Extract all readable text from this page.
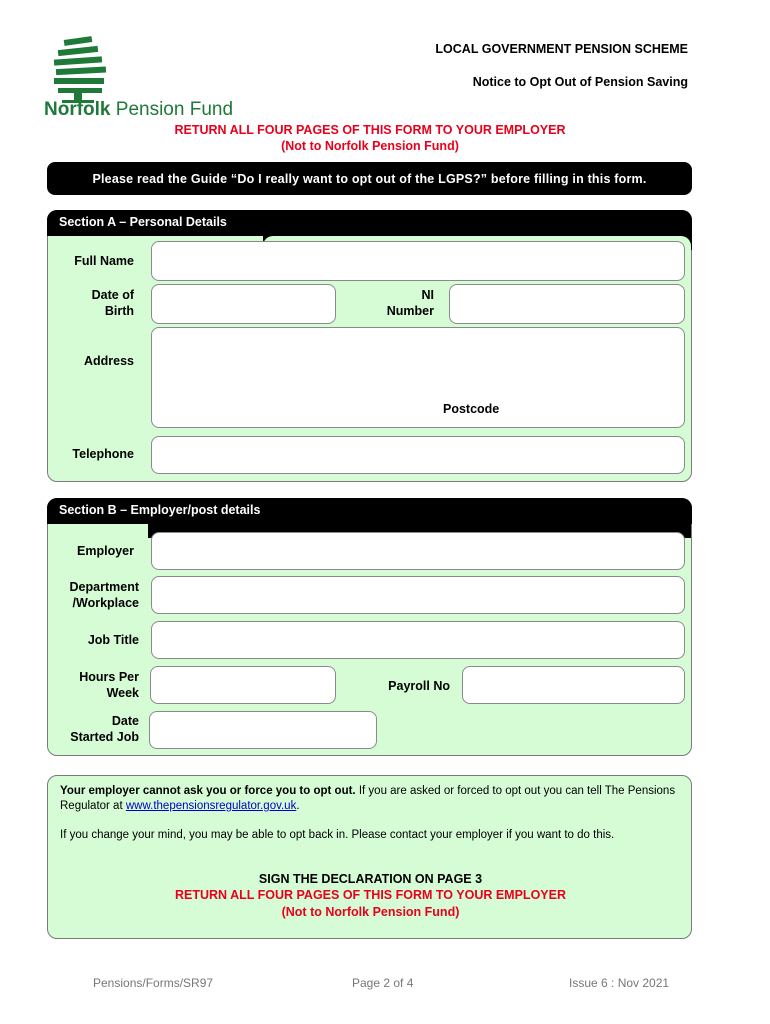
Norfolk Pension Fund
LOCAL GOVERNMENT PENSION SCHEME
Notice to Opt Out of Pension Saving
RETURN ALL FOUR PAGES OF THIS FORM TO YOUR EMPLOYER
(Not to Norfolk Pension Fund)
Please read the Guide “Do I really want to opt out of the LGPS?” before filling in this form.
Section A – Personal Details
Full Name
Date of
Birth
NI
Number
Address
Postcode
Telephone
Section B – Employer/post details
Employer
Department
/Workplace
Job Title
Hours Per
Week	Payroll No
Date
Started Job

Your employer cannot ask you or force you to opt out. If you are asked or forced to opt out you can tell The Pensions Regulator at www.thepensionsregulator.gov.uk.

If you change your mind, you may be able to opt back in. Please contact your employer if you want to do this.

SIGN THE DECLARATION ON PAGE 3
RETURN ALL FOUR PAGES OF THIS FORM TO YOUR EMPLOYER
(Not to Norfolk Pension Fund)
Pensions/Forms/SR97	Page 2 of 4	Issue 6 : Nov 2021
